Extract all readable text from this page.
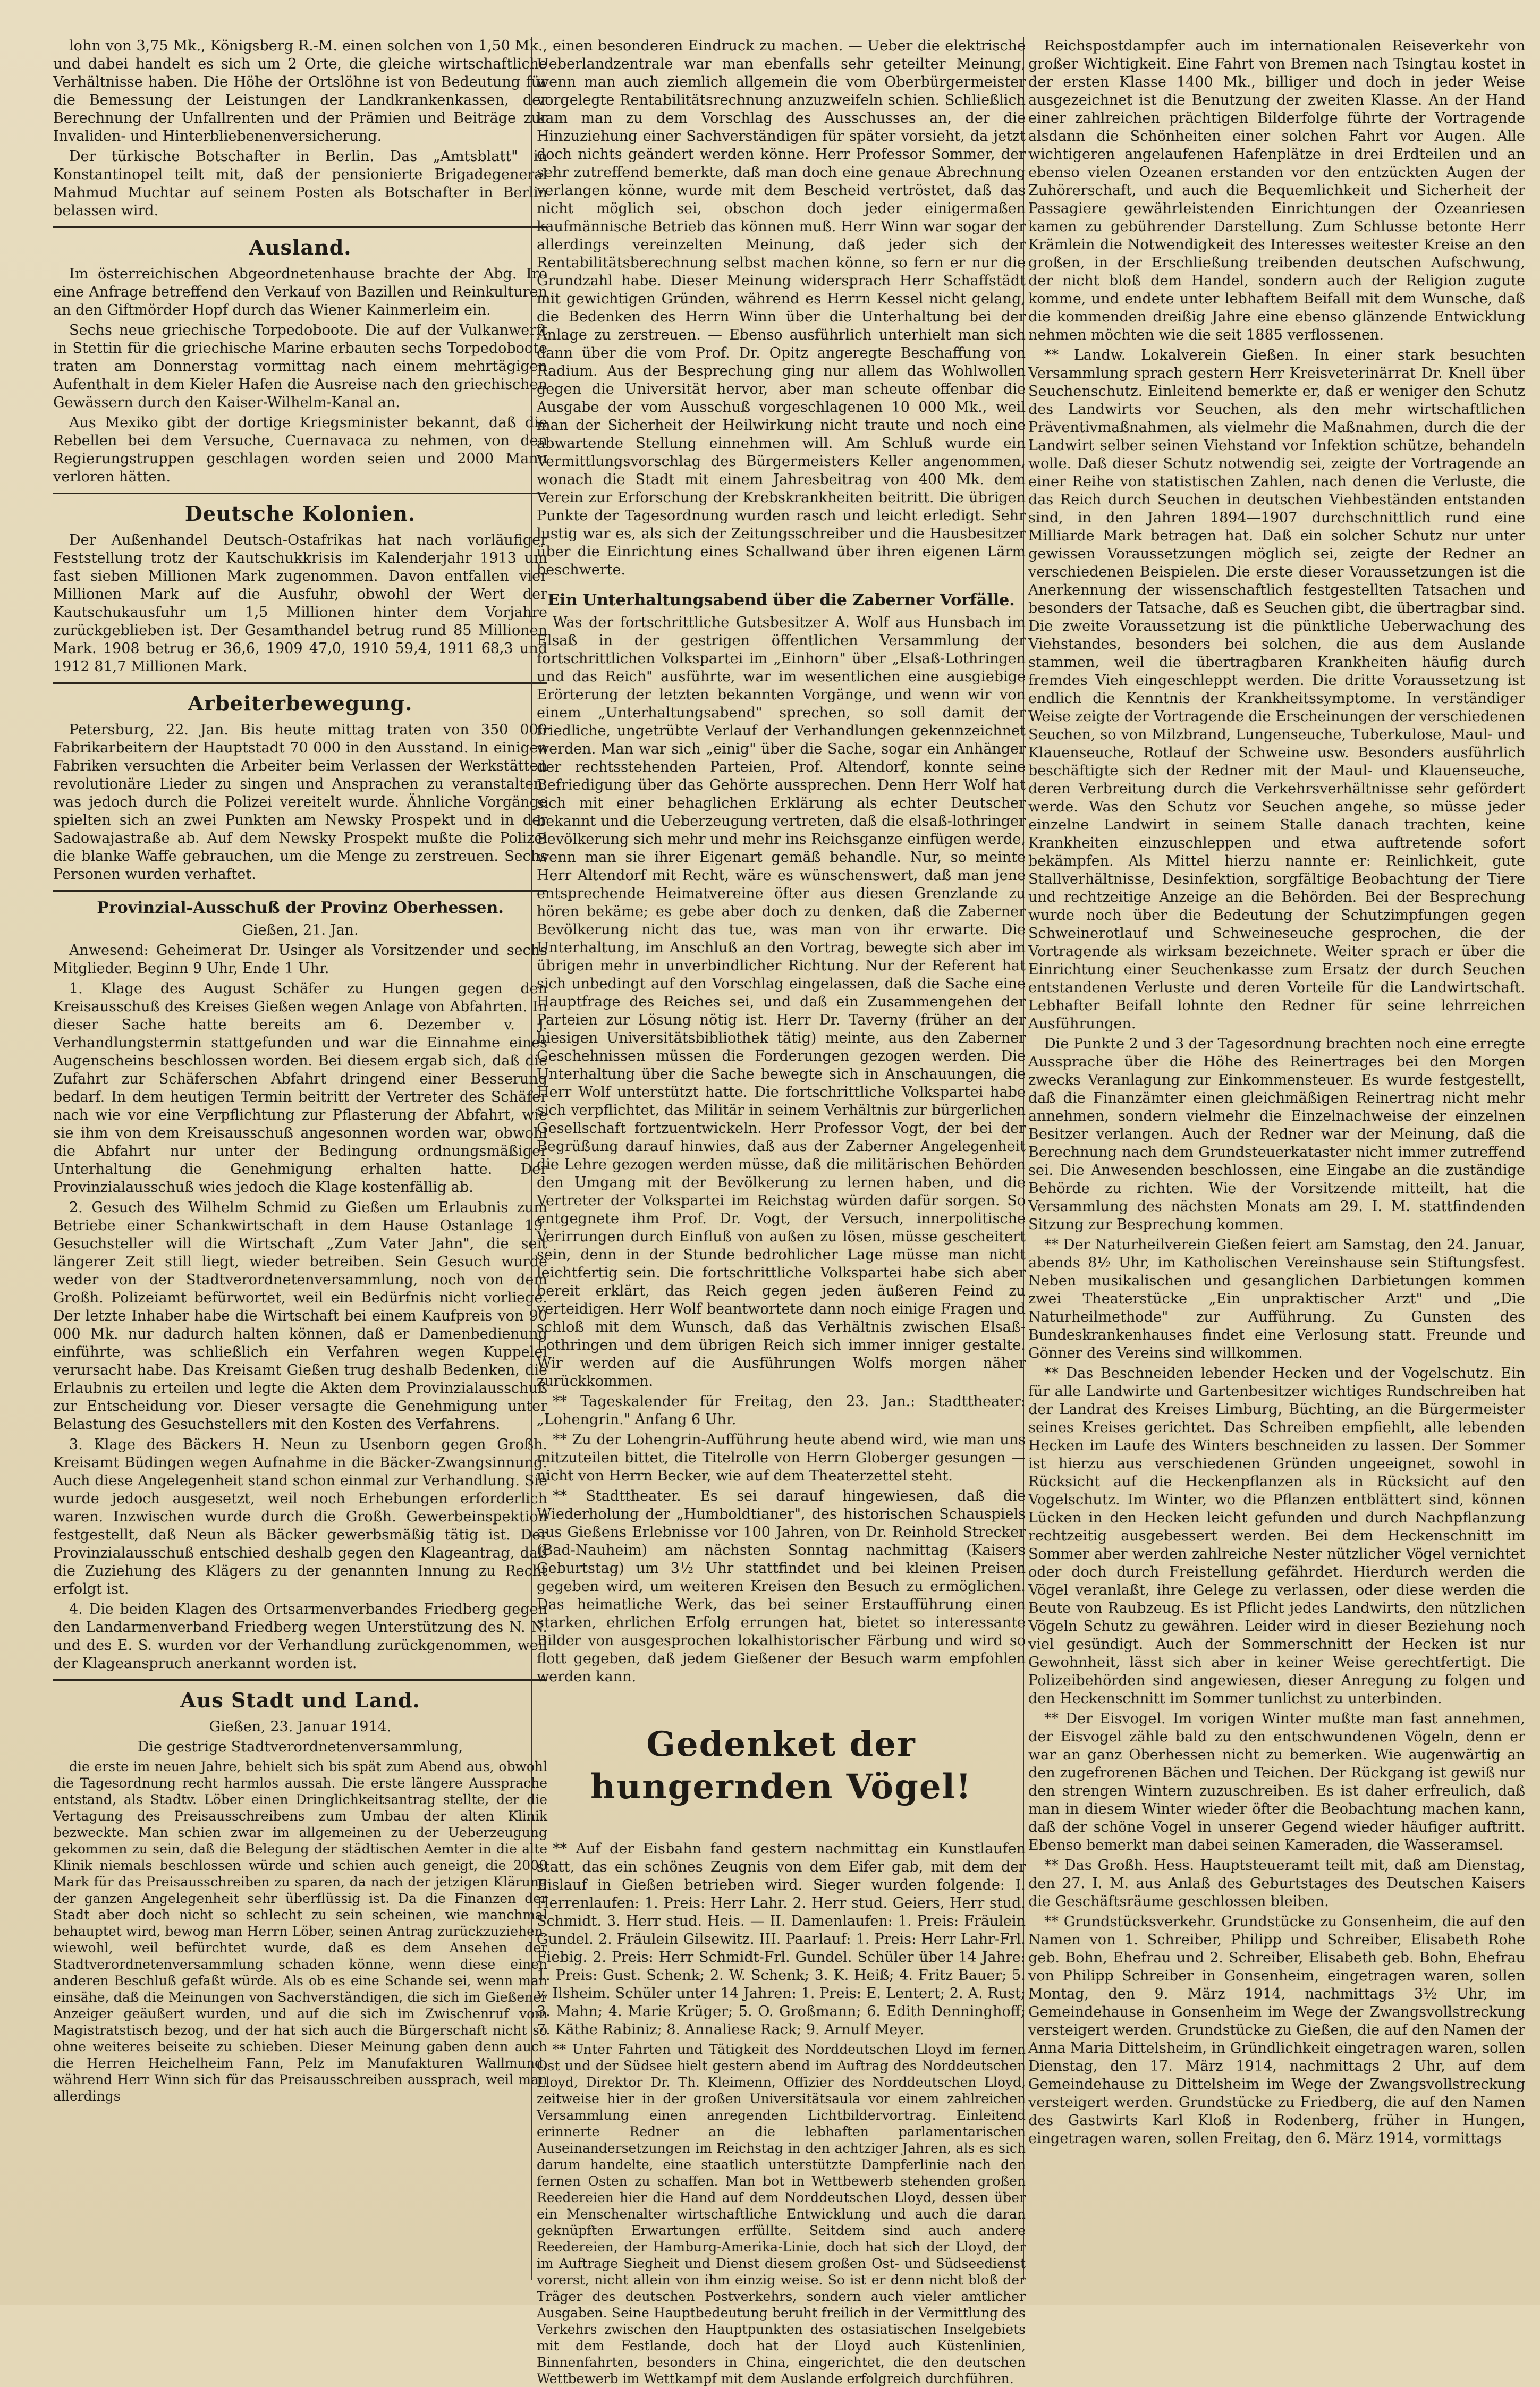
lohn von 3,75 Mk., Königsberg R.-M. einen solchen von 1,50 Mk., und dabei handelt es sich um 2 Orte, die gleiche wirtschaftliche Verhältnisse haben. Die Höhe der Ortslöhne ist von Bedeutung für die Bemessung der Leistungen der Landkrankenkassen, der Berechnung der Unfallrenten und der Prämien und Beiträge zur Invaliden- und Hinterbliebenenversicherung.

Der türkische Botschafter in Berlin. Das „Amtsblatt" in Konstantinopel teilt mit, daß der pensionierte Brigadegeneral Mahmud Muchtar auf seinem Posten als Botschafter in Berlin belassen wird.

Ausland.

Im österreichischen Abgeordnetenhause brachte der Abg. Iro eine Anfrage betreffend den Verkauf von Bazillen und Reinkulturen an den Giftmörder Hopf durch das Wiener Kainmerleim ein.

Sechs neue griechische Torpedoboote. Die auf der Vulkanwerft in Stettin für die griechische Marine erbauten sechs Torpedoboote traten am Donnerstag vormittag nach einem mehrtägigen Aufenthalt in dem Kieler Hafen die Ausreise nach den griechischen Gewässern durch den Kaiser-Wilhelm-Kanal an.

Aus Mexiko gibt der dortige Kriegsminister bekannt, daß die Rebellen bei dem Versuche, Cuernavaca zu nehmen, von den Regierungstruppen geschlagen worden seien und 2000 Mann verloren hätten.

Deutsche Kolonien.

Der Außenhandel Deutsch-Ostafrikas hat nach vorläufiger Feststellung trotz der Kautschukkrisis im Kalenderjahr 1913 um fast sieben Millionen Mark zugenommen. Davon entfallen vier Millionen Mark auf die Ausfuhr, obwohl der Wert der Kautschukausfuhr um 1,5 Millionen hinter dem Vorjahre zurückgeblieben ist. Der Gesamthandel betrug rund 85 Millionen Mark. 1908 betrug er 36,6, 1909 47,0, 1910 59,4, 1911 68,3 und 1912 81,7 Millionen Mark.

Arbeiterbewegung.

Petersburg, 22. Jan. Bis heute mittag traten von 350 000 Fabrikarbeitern der Hauptstadt 70 000 in den Ausstand. In einigen Fabriken versuchten die Arbeiter beim Verlassen der Werkstätten revolutionäre Lieder zu singen und Ansprachen zu veranstalten, was jedoch durch die Polizei vereitelt wurde. Ähnliche Vorgänge spielten sich an zwei Punkten am Newsky Prospekt und in der Sadowajastraße ab. Auf dem Newsky Prospekt mußte die Polizei die blanke Waffe gebrauchen, um die Menge zu zerstreuen. Sechs Personen wurden verhaftet.

Provinzial-Ausschuß der Provinz Oberhessen.
Gießen, 21. Jan.

Anwesend: Geheimerat Dr. Usinger als Vorsitzender und sechs Mitglieder. Beginn 9 Uhr, Ende 1 Uhr.

1. Klage des August Schäfer zu Hungen gegen den Kreisausschuß des Kreises Gießen wegen Anlage von Abfahrten. In dieser Sache hatte bereits am 6. Dezember v. J. Verhandlungstermin stattgefunden und war die Einnahme eines Augenscheins beschlossen worden. Bei diesem ergab sich, daß die Zufahrt zur Schäferschen Abfahrt dringend einer Besserung bedarf. In dem heutigen Termin beitritt der Vertreter des Schäfer nach wie vor eine Verpflichtung zur Pflasterung der Abfahrt, wie sie ihm von dem Kreisausschuß angesonnen worden war, obwohl die Abfahrt nur unter der Bedingung ordnungsmäßiger Unterhaltung die Genehmigung erhalten hatte. Der Provinzialausschuß wies jedoch die Klage kostenfällig ab.

2. Gesuch des Wilhelm Schmid zu Gießen um Erlaubnis zum Betriebe einer Schankwirtschaft in dem Hause Ostanlage 19. Gesuchsteller will die Wirtschaft „Zum Vater Jahn", die seit längerer Zeit still liegt, wieder betreiben. Sein Gesuch wurde weder von der Stadtverordnetenversammlung, noch von dem Großh. Polizeiamt befürwortet, weil ein Bedürfnis nicht vorliege. Der letzte Inhaber habe die Wirtschaft bei einem Kaufpreis von 90 000 Mk. nur dadurch halten können, daß er Damenbedienung einführte, was schließlich ein Verfahren wegen Kuppelei verursacht habe. Das Kreisamt Gießen trug deshalb Bedenken, die Erlaubnis zu erteilen und legte die Akten dem Provinzialausschuß zur Entscheidung vor. Dieser versagte die Genehmigung unter Belastung des Gesuchstellers mit den Kosten des Verfahrens.

3. Klage des Bäckers H. Neun zu Usenborn gegen Großh. Kreisamt Büdingen wegen Aufnahme in die Bäcker-Zwangsinnung. Auch diese Angelegenheit stand schon einmal zur Verhandlung. Sie wurde jedoch ausgesetzt, weil noch Erhebungen erforderlich waren. Inzwischen wurde durch die Großh. Gewerbeinspektion festgestellt, daß Neun als Bäcker gewerbsmäßig tätig ist. Der Provinzialausschuß entschied deshalb gegen den Klageantrag, daß die Zuziehung des Klägers zu der genannten Innung zu Recht erfolgt ist.

4. Die beiden Klagen des Ortsarmenverbandes Friedberg gegen den Landarmenverband Friedberg wegen Unterstützung des N. N. und des E. S. wurden vor der Verhandlung zurückgenommen, weil der Klageanspruch anerkannt worden ist.

Aus Stadt und Land.
Gießen, 23. Januar 1914.
Die gestrige Stadtverordnetenversammlung,

die erste im neuen Jahre, behielt sich bis spät zum Abend aus, obwohl die Tagesordnung recht harmlos aussah. Die erste längere Aussprache entstand, als Stadtv. Löber einen Dringlichkeitsantrag stellte, der die Vertagung des Preisausschreibens zum Umbau der alten Klinik bezweckte. Man schien zwar im allgemeinen zu der Ueberzeugung gekommen zu sein, daß die Belegung der städtischen Aemter in die alte Klinik niemals beschlossen würde und schien auch geneigt, die 2000 Mark für das Preisausschreiben zu sparen, da nach der jetzigen Klärung der ganzen Angelegenheit sehr überflüssig ist. Da die Finanzen der Stadt aber doch nicht so schlecht zu sein scheinen, wie manchmal behauptet wird, bewog man Herrn Löber, seinen Antrag zurückzuziehen, wiewohl, weil befürchtet wurde, daß es dem Ansehen der Stadtverordnetenversammlung schaden könne, wenn diese einen anderen Beschluß gefaßt würde. Als ob es eine Schande sei, wenn man einsähe, daß die Meinungen von Sachverständigen, die sich im Gießener Anzeiger geäußert wurden, und auf die sich im Zwischenruf vom Magistratstisch bezog, und der hat sich auch die Bürgerschaft nicht so ohne weiteres beiseite zu schieben. Dieser Meinung gaben denn auch die Herren Heichelheim Fann, Pelz im Manufakturen Wallmund, während Herr Winn sich für das Preisausschreiben aussprach, weil man allerdings

einen besonderen Eindruck zu machen. — Ueber die elektrische Ueberlandzentrale war man ebenfalls sehr geteilter Meinung, wenn man auch ziemlich allgemein die vom Oberbürgermeister vorgelegte Rentabilitätsrechnung anzuzweifeln schien. Schließlich kam man zu dem Vorschlag des Ausschusses an, der die Hinzuziehung einer Sachverständigen für später vorsieht, da jetzt doch nichts geändert werden könne. Herr Professor Sommer, der sehr zutreffend bemerkte, daß man doch eine genaue Abrechnung verlangen könne, wurde mit dem Bescheid vertröstet, daß das nicht möglich sei, obschon doch jeder einigermaßen kaufmännische Betrieb das können muß. Herr Winn war sogar der allerdings vereinzelten Meinung, daß jeder sich der Rentabilitätsberechnung selbst machen könne, so fern er nur die Grundzahl habe. Dieser Meinung widersprach Herr Schaffstädt mit gewichtigen Gründen, während es Herrn Kessel nicht gelang, die Bedenken des Herrn Winn über die Unterhaltung bei der Anlage zu zerstreuen. — Ebenso ausführlich unterhielt man sich dann über die vom Prof. Dr. Opitz angeregte Beschaffung von Radium. Aus der Besprechung ging nur allem das Wohlwollen gegen die Universität hervor, aber man scheute offenbar die Ausgabe der vom Ausschuß vorgeschlagenen 10 000 Mk., weil man der Sicherheit der Heilwirkung nicht traute und noch eine abwartende Stellung einnehmen will. Am Schluß wurde ein Vermittlungsvorschlag des Bürgermeisters Keller angenommen, wonach die Stadt mit einem Jahresbeitrag von 400 Mk. dem Verein zur Erforschung der Krebskrankheiten beitritt. Die übrigen Punkte der Tagesordnung wurden rasch und leicht erledigt. Sehr lustig war es, als sich der Zeitungsschreiber und die Hausbesitzer über die Einrichtung eines Schallwand über ihren eigenen Lärm beschwerte.

Ein Unterhaltungsabend über die Zaberner Vorfälle.

Was der fortschrittliche Gutsbesitzer A. Wolf aus Hunsbach im Elsaß in der gestrigen öffentlichen Versammlung der fortschrittlichen Volkspartei im „Einhorn" über „Elsaß-Lothringen und das Reich" ausführte, war im wesentlichen eine ausgiebige Erörterung der letzten bekannten Vorgänge, und wenn wir von einem „Unterhaltungsabend" sprechen, so soll damit der friedliche, ungetrübte Verlauf der Verhandlungen gekennzeichnet werden. Man war sich „einig" über die Sache, sogar ein Anhänger der rechtsstehenden Parteien, Prof. Altendorf, konnte seine Befriedigung über das Gehörte aussprechen. Denn Herr Wolf hat sich mit einer behaglichen Erklärung als echter Deutscher bekannt und die Ueberzeugung vertreten, daß die elsaß-lothringer Bevölkerung sich mehr und mehr ins Reichsganze einfügen werde, wenn man sie ihrer Eigenart gemäß behandle. Nur, so meinte Herr Altendorf mit Recht, wäre es wünschenswert, daß man jene entsprechende Heimatvereine öfter aus diesen Grenzlande zu hören bekäme; es gebe aber doch zu denken, daß die Zaberner Bevölkerung nicht das tue, was man von ihr erwarte. Die Unterhaltung, im Anschluß an den Vortrag, bewegte sich aber im übrigen mehr in unverbindlicher Richtung. Nur der Referent hat sich unbedingt auf den Vorschlag eingelassen, daß die Sache eine Hauptfrage des Reiches sei, und daß ein Zusammengehen der Parteien zur Lösung nötig ist. Herr Dr. Taverny (früher an der hiesigen Universitätsbibliothek tätig) meinte, aus den Zaberner Geschehnissen müssen die Forderungen gezogen werden. Die Unterhaltung über die Sache bewegte sich in Anschauungen, die Herr Wolf unterstützt hatte. Die fortschrittliche Volkspartei habe sich verpflichtet, das Militär in seinem Verhältnis zur bürgerlichen Gesellschaft fortzuentwickeln. Herr Professor Vogt, der bei der Begrüßung darauf hinwies, daß aus der Zaberner Angelegenheit die Lehre gezogen werden müsse, daß die militärischen Behörden den Umgang mit der Bevölkerung zu lernen haben, und die Vertreter der Volkspartei im Reichstag würden dafür sorgen. So entgegnete ihm Prof. Dr. Vogt, der Versuch, innerpolitische Verirrungen durch Einfluß von außen zu lösen, müsse gescheitert sein, denn in der Stunde bedrohlicher Lage müsse man nicht leichtfertig sein. Die fortschrittliche Volkspartei habe sich aber bereit erklärt, das Reich gegen jeden äußeren Feind zu verteidigen. Herr Wolf beantwortete dann noch einige Fragen und schloß mit dem Wunsch, daß das Verhältnis zwischen Elsaß-Lothringen und dem übrigen Reich sich immer inniger gestalte. Wir werden auf die Ausführungen Wolfs morgen näher zurückkommen.

** Tageskalender für Freitag, den 23. Jan.: Stadttheater: „Lohengrin." Anfang 6 Uhr.

** Zu der Lohengrin-Aufführung heute abend wird, wie man uns mitzuteilen bittet, die Titelrolle von Herrn Globerger gesungen — nicht von Herrn Becker, wie auf dem Theaterzettel steht.

** Stadttheater. Es sei darauf hingewiesen, daß die Wiederholung der „Humboldtianer", des historischen Schauspiels aus Gießens Erlebnisse vor 100 Jahren, von Dr. Reinhold Strecker (Bad-Nauheim) am nächsten Sonntag nachmittag (Kaisers Geburtstag) um 3½ Uhr stattfindet und bei kleinen Preisen gegeben wird, um weiteren Kreisen den Besuch zu ermöglichen. Das heimatliche Werk, das bei seiner Erstaufführung einen starken, ehrlichen Erfolg errungen hat, bietet so interessante Bilder von ausgesprochen lokalhistorischer Färbung und wird so flott gegeben, daß jedem Gießener der Besuch warm empfohlen werden kann.

Gedenket der hungernden Vögel!

** Auf der Eisbahn fand gestern nachmittag ein Kunstlaufen statt, das ein schönes Zeugnis von dem Eifer gab, mit dem der Eislauf in Gießen betrieben wird. Sieger wurden folgende: I. Herrenlaufen: 1. Preis: Herr Lahr. 2. Herr stud. Geiers, Herr stud. Schmidt. 3. Herr stud. Heis. — II. Damenlaufen: 1. Preis: Fräulein Gundel. 2. Fräulein Gilsewitz. III. Paarlauf: 1. Preis: Herr Lahr-Frl. Fiebig. 2. Preis: Herr Schmidt-Frl. Gundel. Schüler über 14 Jahre: 1. Preis: Gust. Schenk; 2. W. Schenk; 3. K. Heiß; 4. Fritz Bauer; 5. v. Ilsheim. Schüler unter 14 Jahren: 1. Preis: E. Lentert; 2. A. Rust; 3. Mahn; 4. Marie Krüger; 5. O. Großmann; 6. Edith Denninghoff; 7. Käthe Rabiniz; 8. Annaliese Rack; 9. Arnulf Meyer.

** Unter Fahrten und Tätigkeit des Norddeutschen Lloyd im fernen Ost und der Südsee hielt gestern abend im Auftrag des Norddeutschen Lloyd, Direktor Dr. Th. Kleimenn, Offizier des Norddeutschen Lloyd, zeitweise hier in der großen Universitätsaula vor einem zahlreichen Versammlung einen anregenden Lichtbildervortrag. Einleitend erinnerte Redner an die lebhaften parlamentarischen Auseinandersetzungen im Reichstag in den achtziger Jahren, als es sich darum handelte, eine staatlich unterstützte Dampferlinie nach den fernen Osten zu schaffen. Man bot in Wettbewerb stehenden großen Reedereien hier die Hand auf dem Norddeutschen Lloyd, dessen über ein Menschenalter wirtschaftliche Entwicklung und auch die daran geknüpften Erwartungen erfüllte. Seitdem sind auch andere Reedereien, der Hamburg-Amerika-Linie, doch hat sich der Lloyd, der im Auftrage Siegheit und Dienst diesem großen Ost- und Südseedienst vorerst, nicht allein von ihm einzig weise. So ist er denn nicht bloß der Träger des deutschen Postverkehrs, sondern auch vieler amtlicher Ausgaben. Seine Hauptbedeutung beruht freilich in der Vermittlung des Verkehrs zwischen den Hauptpunkten des ostasiatischen Inselgebiets mit dem Festlande, doch hat der Lloyd auch Küstenlinien, Binnenfahrten, besonders in China, eingerichtet, die den deutschen Wettbewerb im Wettkampf mit dem Auslande erfolgreich durchführen.

Reichspostdampfer auch im internationalen Reiseverkehr von großer Wichtigkeit. Eine Fahrt von Bremen nach Tsingtau kostet in der ersten Klasse 1400 Mk., billiger und doch in jeder Weise ausgezeichnet ist die Benutzung der zweiten Klasse. An der Hand einer zahlreichen prächtigen Bilderfolge führte der Vortragende alsdann die Schönheiten einer solchen Fahrt vor Augen. Alle wichtigeren angelaufenen Hafenplätze in drei Erdteilen und an ebenso vielen Ozeanen erstanden vor den entzückten Augen der Zuhörerschaft, und auch die Bequemlichkeit und Sicherheit der Passagiere gewährleistenden Einrichtungen der Ozeanriesen kamen zu gebührender Darstellung. Zum Schlusse betonte Herr Krämlein die Notwendigkeit des Interesses weitester Kreise an den großen, in der Erschließung treibenden deutschen Aufschwung, der nicht bloß dem Handel, sondern auch der Religion zugute komme, und endete unter lebhaftem Beifall mit dem Wunsche, daß die kommenden dreißig Jahre eine ebenso glänzende Entwicklung nehmen möchten wie die seit 1885 verflossenen.

** Landw. Lokalverein Gießen. In einer stark besuchten Versammlung sprach gestern Herr Kreisveterinärrat Dr. Knell über Seuchenschutz. Einleitend bemerkte er, daß er weniger den Schutz des Landwirts vor Seuchen, als den mehr wirtschaftlichen Präventivmaßnahmen, als vielmehr die Maßnahmen, durch die der Landwirt selber seinen Viehstand vor Infektion schütze, behandeln wolle. Daß dieser Schutz notwendig sei, zeigte der Vortragende an einer Reihe von statistischen Zahlen, nach denen die Verluste, die das Reich durch Seuchen in deutschen Viehbeständen entstanden sind, in den Jahren 1894—1907 durchschnittlich rund eine Milliarde Mark betragen hat. Daß ein solcher Schutz nur unter gewissen Voraussetzungen möglich sei, zeigte der Redner an verschiedenen Beispielen. Die erste dieser Voraussetzungen ist die Anerkennung der wissenschaftlich festgestellten Tatsachen und besonders der Tatsache, daß es Seuchen gibt, die übertragbar sind. Die zweite Voraussetzung ist die pünktliche Ueberwachung des Viehstandes, besonders bei solchen, die aus dem Auslande stammen, weil die übertragbaren Krankheiten häufig durch fremdes Vieh eingeschleppt werden. Die dritte Voraussetzung ist endlich die Kenntnis der Krankheitssymptome. In verständiger Weise zeigte der Vortragende die Erscheinungen der verschiedenen Seuchen, so von Milzbrand, Lungenseuche, Tuberkulose, Maul- und Klauenseuche, Rotlauf der Schweine usw. Besonders ausführlich beschäftigte sich der Redner mit der Maul- und Klauenseuche, deren Verbreitung durch die Verkehrsverhältnisse sehr gefördert werde. Was den Schutz vor Seuchen angehe, so müsse jeder einzelne Landwirt in seinem Stalle danach trachten, keine Krankheiten einzuschleppen und etwa auftretende sofort bekämpfen. Als Mittel hierzu nannte er: Reinlichkeit, gute Stallverhältnisse, Desinfektion, sorgfältige Beobachtung der Tiere und rechtzeitige Anzeige an die Behörden. Bei der Besprechung wurde noch über die Bedeutung der Schutzimpfungen gegen Schweinerotlauf und Schweineseuche gesprochen, die der Vortragende als wirksam bezeichnete. Weiter sprach er über die Einrichtung einer Seuchenkasse zum Ersatz der durch Seuchen entstandenen Verluste und deren Vorteile für die Landwirtschaft. Lebhafter Beifall lohnte den Redner für seine lehrreichen Ausführungen.

Die Punkte 2 und 3 der Tagesordnung brachten noch eine erregte Aussprache über die Höhe des Reinertrages bei den Morgen zwecks Veranlagung zur Einkommensteuer. Es wurde festgestellt, daß die Finanzämter einen gleichmäßigen Reinertrag nicht mehr annehmen, sondern vielmehr die Einzelnachweise der einzelnen Besitzer verlangen. Auch der Redner war der Meinung, daß die Berechnung nach dem Grundsteuerkataster nicht immer zutreffend sei. Die Anwesenden beschlossen, eine Eingabe an die zuständige Behörde zu richten. Wie der Vorsitzende mitteilt, hat die Versammlung des nächsten Monats am 29. I. M. stattfindenden Sitzung zur Besprechung kommen.

** Der Naturheilverein Gießen feiert am Samstag, den 24. Januar, abends 8½ Uhr, im Katholischen Vereinshause sein Stiftungsfest. Neben musikalischen und gesanglichen Darbietungen kommen zwei Theaterstücke „Ein unpraktischer Arzt" und „Die Naturheilmethode" zur Aufführung. Zu Gunsten des Bundeskrankenhauses findet eine Verlosung statt. Freunde und Gönner des Vereins sind willkommen.

** Das Beschneiden lebender Hecken und der Vogelschutz. Ein für alle Landwirte und Gartenbesitzer wichtiges Rundschreiben hat der Landrat des Kreises Limburg, Büchting, an die Bürgermeister seines Kreises gerichtet. Das Schreiben empfiehlt, alle lebenden Hecken im Laufe des Winters beschneiden zu lassen. Der Sommer ist hierzu aus verschiedenen Gründen ungeeignet, sowohl in Rücksicht auf die Heckenpflanzen als in Rücksicht auf den Vogelschutz. Im Winter, wo die Pflanzen entblättert sind, können Lücken in den Hecken leicht gefunden und durch Nachpflanzung rechtzeitig ausgebessert werden. Bei dem Heckenschnitt im Sommer aber werden zahlreiche Nester nützlicher Vögel vernichtet oder doch durch Freistellung gefährdet. Hierdurch werden die Vögel veranlaßt, ihre Gelege zu verlassen, oder diese werden die Beute von Raubzeug. Es ist Pflicht jedes Landwirts, den nützlichen Vögeln Schutz zu gewähren. Leider wird in dieser Beziehung noch viel gesündigt. Auch der Sommerschnitt der Hecken ist nur Gewohnheit, lässt sich aber in keiner Weise gerechtfertigt. Die Polizeibehörden sind angewiesen, dieser Anregung zu folgen und den Heckenschnitt im Sommer tunlichst zu unterbinden.

** Der Eisvogel. Im vorigen Winter mußte man fast annehmen, der Eisvogel zähle bald zu den entschwundenen Vögeln, denn er war an ganz Oberhessen nicht zu bemerken. Wie augenwärtig an den zugefrorenen Bächen und Teichen. Der Rückgang ist gewiß nur den strengen Wintern zuzuschreiben. Es ist daher erfreulich, daß man in diesem Winter wieder öfter die Beobachtung machen kann, daß der schöne Vogel in unserer Gegend wieder häufiger auftritt. Ebenso bemerkt man dabei seinen Kameraden, die Wasseramsel.

** Das Großh. Hess. Hauptsteueramt teilt mit, daß am Dienstag, den 27. I. M. aus Anlaß des Geburtstages des Deutschen Kaisers die Geschäftsräume geschlossen bleiben.

** Grundstücksverkehr. Grundstücke zu Gonsenheim, die auf den Namen von 1. Schreiber, Philipp und Schreiber, Elisabeth Rohe geb. Bohn, Ehefrau und 2. Schreiber, Elisabeth geb. Bohn, Ehefrau von Philipp Schreiber in Gonsenheim, eingetragen waren, sollen Montag, den 9. März 1914, nachmittags 3½ Uhr, im Gemeindehause in Gonsenheim im Wege der Zwangsvollstreckung versteigert werden. Grundstücke zu Gießen, die auf den Namen der Anna Maria Dittelsheim, in Gründlichkeit eingetragen waren, sollen Dienstag, den 17. März 1914, nachmittags 2 Uhr, auf dem Gemeindehause zu Dittelsheim im Wege der Zwangsvollstreckung versteigert werden. Grundstücke zu Friedberg, die auf den Namen des Gastwirts Karl Kloß in Rodenberg, früher in Hungen, eingetragen waren, sollen Freitag, den 6. März 1914, vormittags
